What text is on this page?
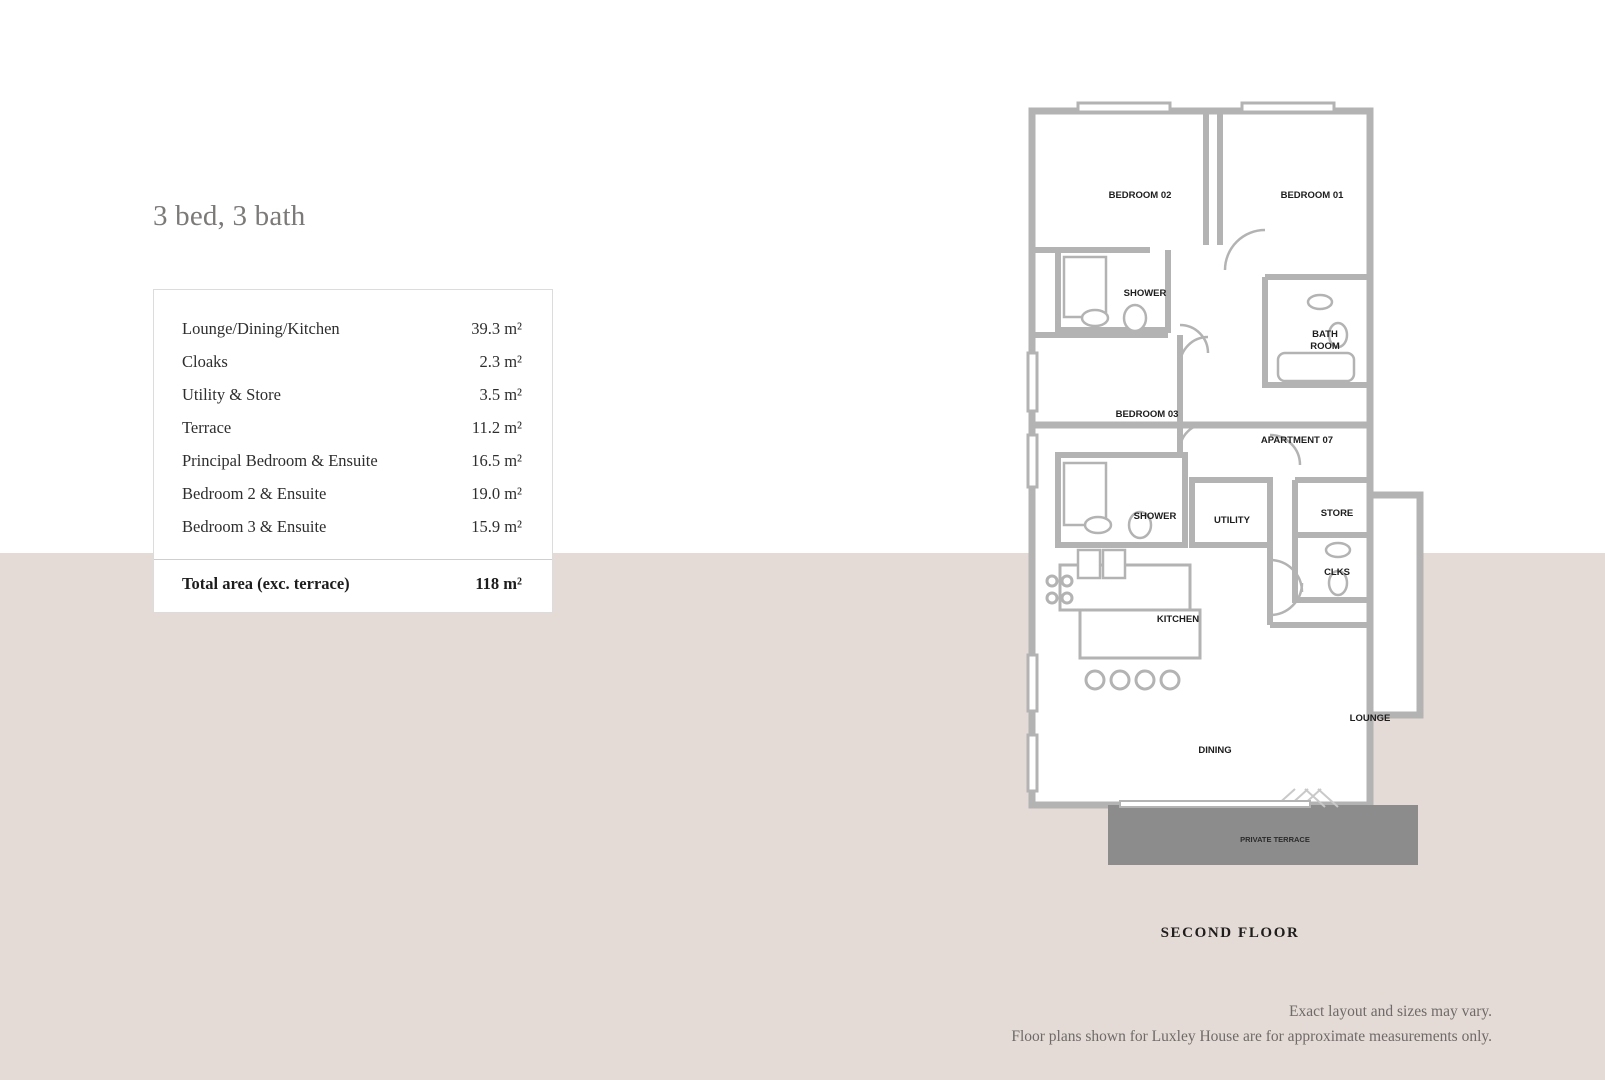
3 bed, 3 bath
Lounge/Dining/Kitchen	39.3 m²
Cloaks	2.3 m²
Utility & Store	3.5 m²
Terrace	11.2 m²
Principal Bedroom & Ensuite	16.5 m²
Bedroom 2 & Ensuite	19.0 m²
Bedroom 3 & Ensuite	15.9 m²
Total area (exc. terrace)	118 m²
BEDROOM 02	BEDROOM 01
SHOWER
BATH
ROOM
BEDROOM 03
APARTMENT 07
SHOWER	UTILITY
STORE
CLKS
KITCHEN
LOUNGE
DINING
PRIVATE TERRACE
SECOND FLOOR
Exact layout and sizes may vary.
Floor plans shown for Luxley House are for approximate measurements only.
